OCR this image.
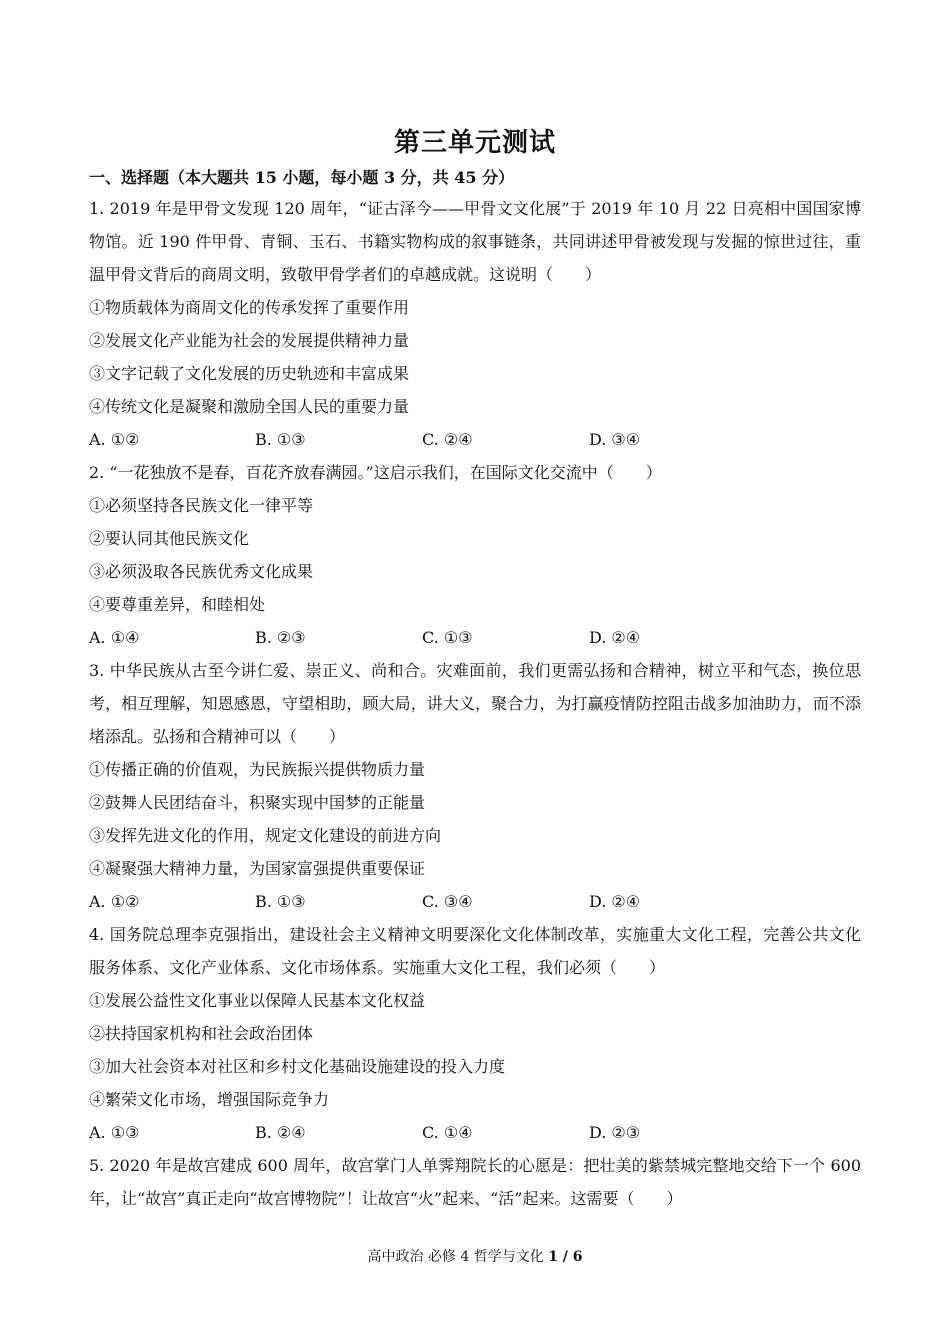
第三单元测试
一、选择题（本大题共 15 小题，每小题 3 分，共 45 分）
1. 2019 年是甲骨文发现 120 周年，“证古泽今——甲骨文文化展”于 2019 年 10 月 22 日亮相中国国家博物馆。近 190 件甲骨、青铜、玉石、书籍实物构成的叙事链条，共同讲述甲骨被发现与发掘的惊世过往，重温甲骨文背后的商周文明，致敬甲骨学者们的卓越成就。这说明（　　）
①物质载体为商周文化的传承发挥了重要作用
②发展文化产业能为社会的发展提供精神力量
③文字记载了文化发展的历史轨迹和丰富成果
④传统文化是凝聚和激励全国人民的重要力量
A. ①②	B. ①③	C. ②④	D. ③④
2. “一花独放不是春，百花齐放春满园。”这启示我们，在国际文化交流中（　　）
①必须坚持各民族文化一律平等
②要认同其他民族文化
③必须汲取各民族优秀文化成果
④要尊重差异，和睦相处
A. ①④	B. ②③	C. ①③	D. ②④
3. 中华民族从古至今讲仁爱、崇正义、尚和合。灾难面前，我们更需弘扬和合精神，树立平和气态，换位思考，相互理解，知恩感恩，守望相助，顾大局，讲大义，聚合力，为打赢疫情防控阻击战多加油助力，而不添堵添乱。弘扬和合精神可以（　　）
①传播正确的价值观，为民族振兴提供物质力量
②鼓舞人民团结奋斗，积聚实现中国梦的正能量
③发挥先进文化的作用，规定文化建设的前进方向
④凝聚强大精神力量，为国家富强提供重要保证
A. ①②	B. ①③	C. ③④	D. ②④
4. 国务院总理李克强指出，建设社会主义精神文明要深化文化体制改革，实施重大文化工程，完善公共文化服务体系、文化产业体系、文化市场体系。实施重大文化工程，我们必须（　　）
①发展公益性文化事业以保障人民基本文化权益
②扶持国家机构和社会政治团体
③加大社会资本对社区和乡村文化基础设施建设的投入力度
④繁荣文化市场，增强国际竞争力
A. ①③	B. ②④	C. ①④	D. ②③
5. 2020 年是故宫建成 600 周年，故宫掌门人单霁翔院长的心愿是：把壮美的紫禁城完整地交给下一个 600 年，让“故宫”真正走向“故宫博物院”！让故宫“火”起来、“活”起来。这需要（　　）
高中政治 必修 4 哲学与文化 1 / 6
